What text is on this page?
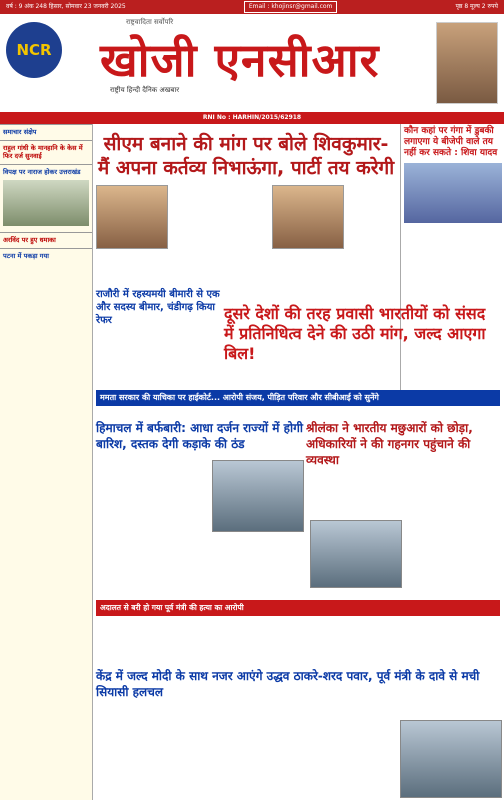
वर्ष : 9 अंक 248 हिसार, सोमवार 23 जनवरी 2025	Email : khojinsr@gmail.com	पृष्ठ 8 मूल्य 2 रुपये
NCR
राष्ट्रवादिता सर्वोपरि
खोजी एनसीआर
राष्ट्रीय हिन्दी दैनिक अखबार
RNI No : HARHIN/2015/62918
समाचार संक्षेप
राहुल गांधी के मानहानि के केस में फिर दर्ज सुनवाई
विपक्ष पर नाराज होकर उत्तराखंड
अरविंद पर हुए धमाका
पटना में पकड़ा गया
कौन कहां पर गंगा में डुबकी लगाएगा ये बीजेपी वाले तय नहीं कर सकते : शिवा यादव
सीएम बनाने की मांग पर बोले शिवकुमार- मैं अपना कर्तव्य निभाऊंगा, पार्टी तय करेगी
राजौरी में रहस्यमयी बीमारी से एक और सदस्य बीमार, चंडीगढ़ किया रेफर	दूसरे देशों की तरह प्रवासी भारतीयों को संसद में प्रतिनिधित्व देने की उठी मांग, जल्द आएगा बिल!
ममता सरकार की याचिका पर हाईकोर्ट... आरोपी संजय, पीड़ित परिवार और सीबीआई को सुनेंगे
हिमाचल में बर्फबारी: आधा दर्जन राज्यों में होगी बारिश, दस्तक देगी कड़ाके की ठंड
श्रीलंका ने भारतीय मछुआरों को छोड़ा, अधिकारियों ने की गहनगर पहुंचाने की व्यवस्था
अदालत से बरी हो गया पूर्व मंत्री की हत्या का आरोपी
केंद्र में जल्द मोदी के साथ नजर आएंगे उद्धव ठाकरे-शरद पवार, पूर्व मंत्री के दावे से मची सियासी हलचल
